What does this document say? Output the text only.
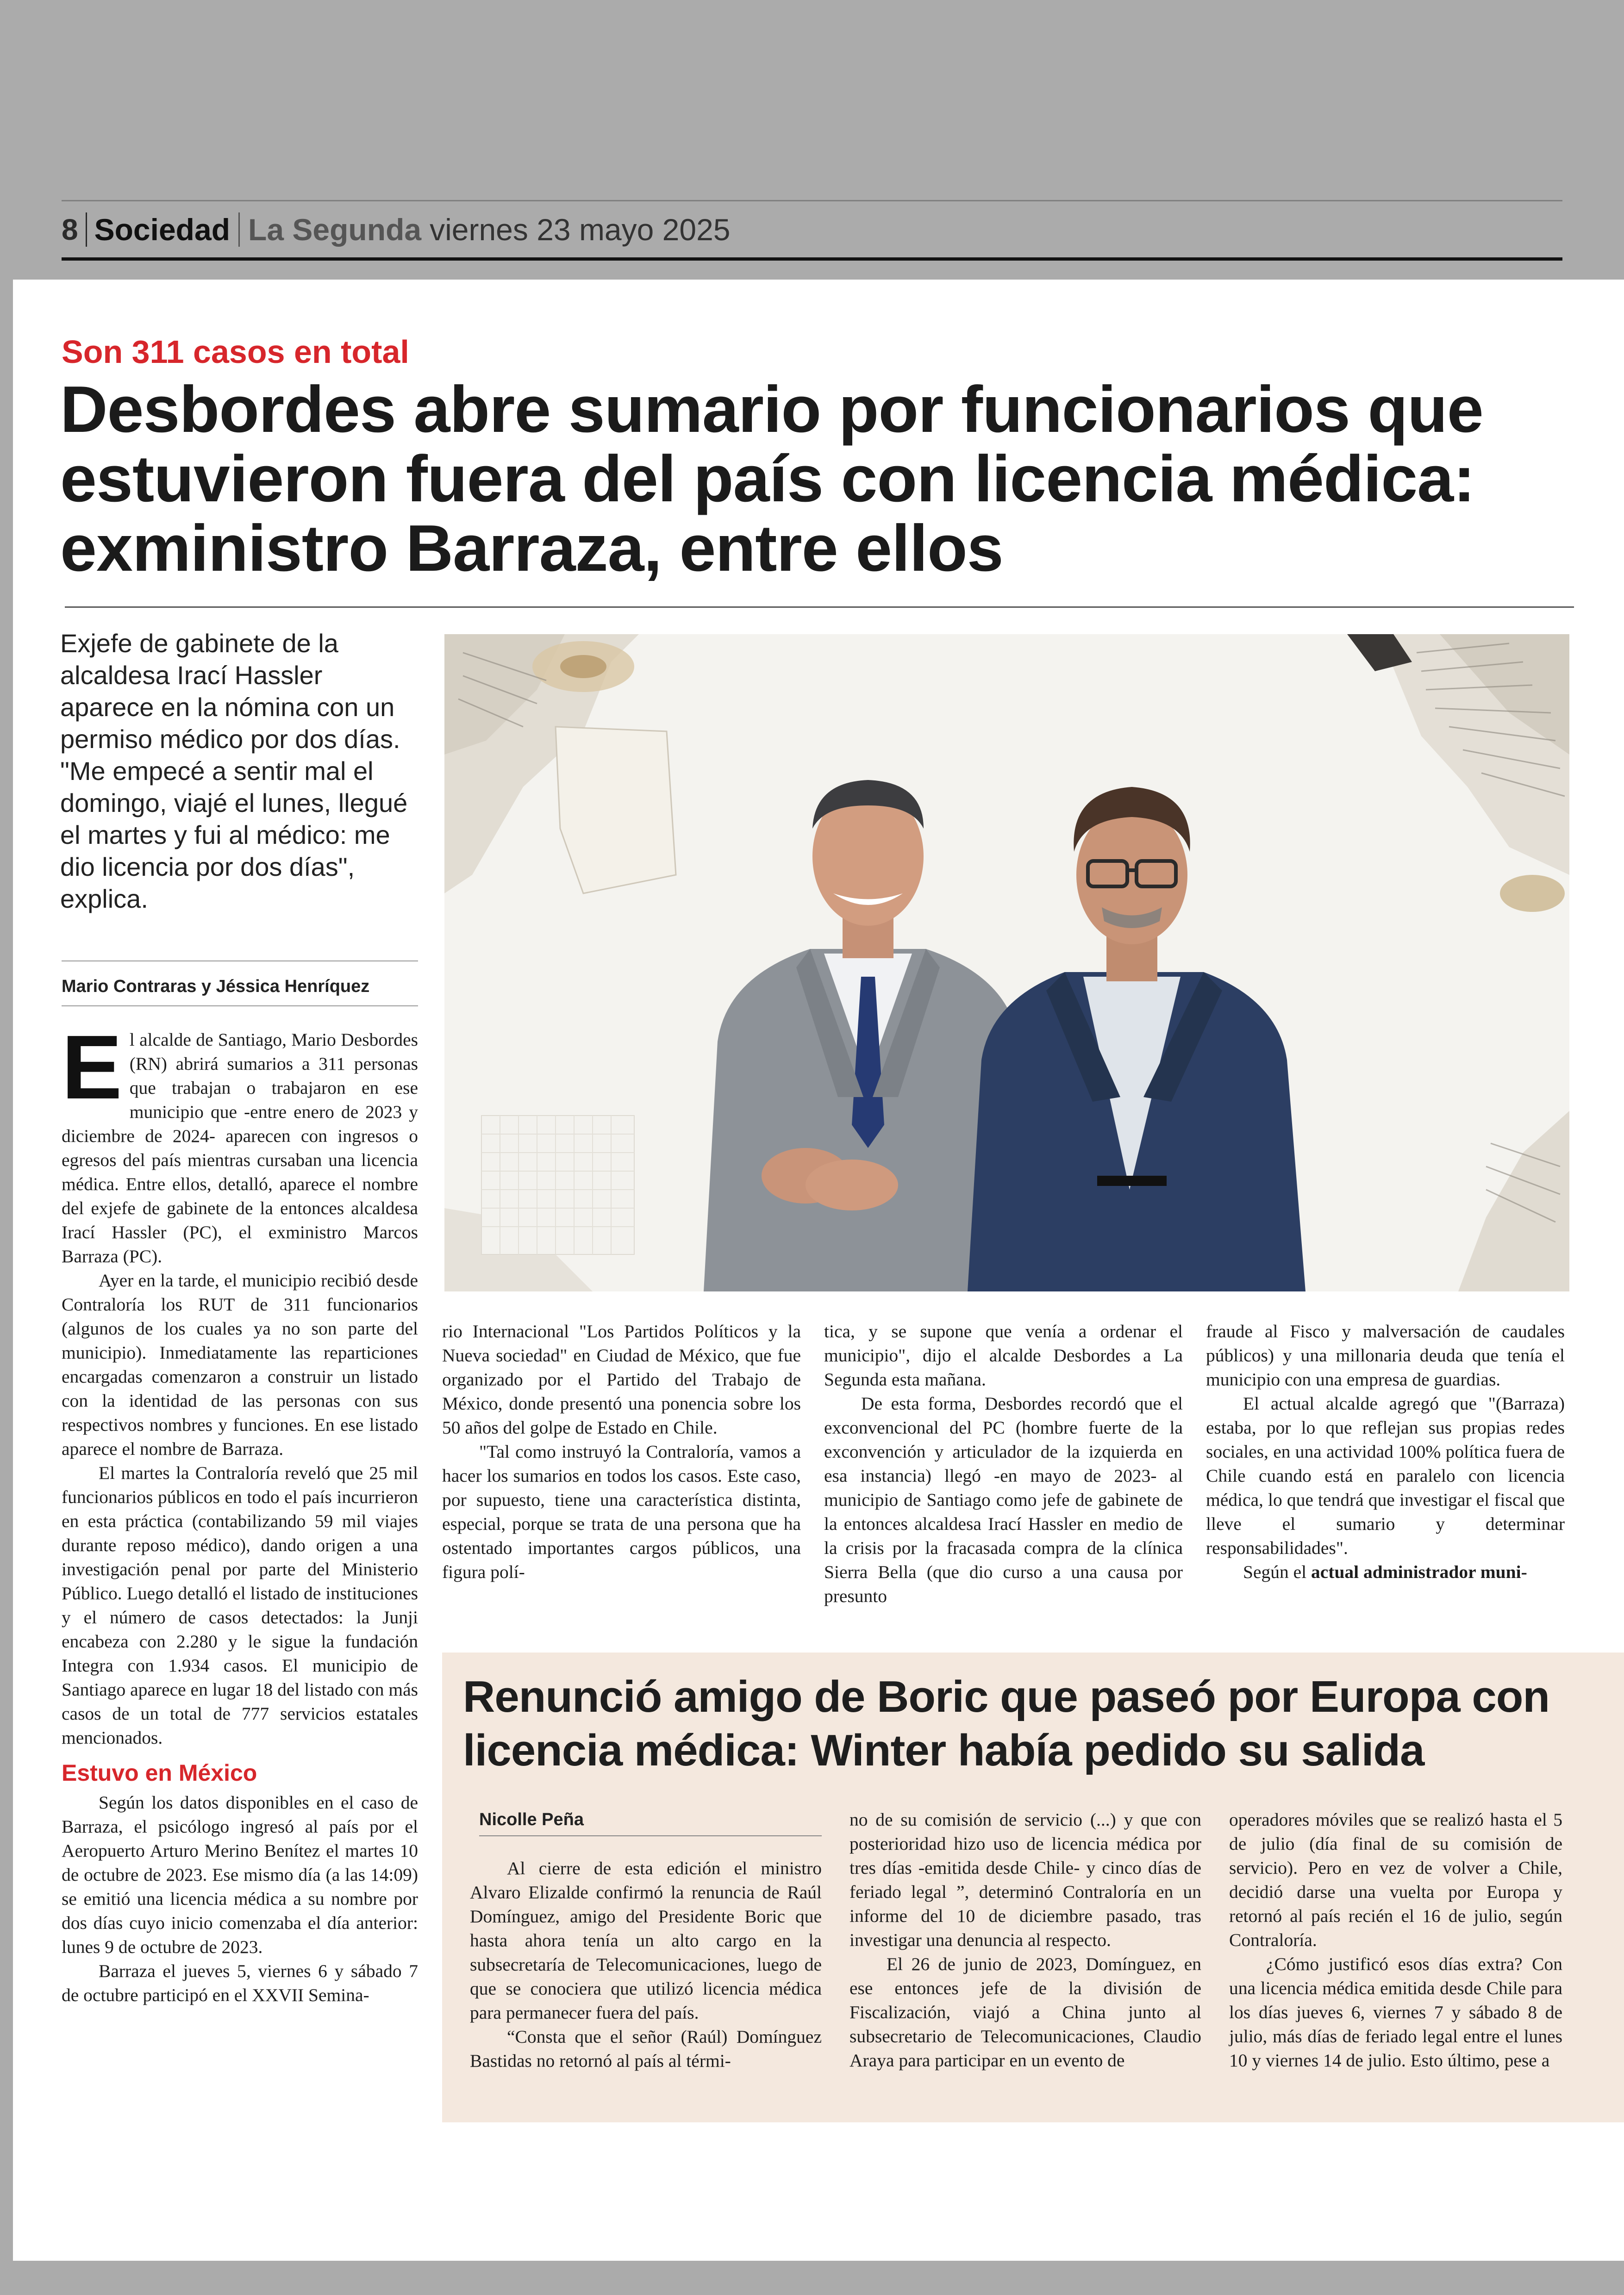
8 Sociedad La Segunda viernes 23 mayo 2025
Son 311 casos en total
Desbordes abre sumario por funcionarios que estuvieron fuera del país con licencia médica: exministro Barraza, entre ellos

Exjefe de gabinete de la alcaldesa Irací Hassler aparece en la nómina con un permiso médico por dos días. "Me empecé a sentir mal el domingo, viajé el lunes, llegué el martes y fui al médico: me dio licencia por dos días", explica.

Mario Contraras y Jéssica Henríquez

El alcalde de Santiago, Mario Desbordes (RN) abrirá sumarios a 311 personas que trabajan o trabajaron en ese municipio que -entre enero de 2023 y diciembre de 2024- aparecen con ingresos o egresos del país mientras cursaban una licencia médica. Entre ellos, detalló, aparece el nombre del exjefe de gabinete de la entonces alcaldesa Irací Hassler (PC), el exministro Marcos Barraza (PC).

Ayer en la tarde, el municipio recibió desde Contraloría los RUT de 311 funcionarios (algunos de los cuales ya no son parte del municipio). Inmediatamente las reparticiones encargadas comenzaron a construir un listado con la identidad de las personas con sus respectivos nombres y funciones. En ese listado aparece el nombre de Barraza.

El martes la Contraloría reveló que 25 mil funcionarios públicos en todo el país incurrieron en esta práctica (contabilizando 59 mil viajes durante reposo médico), dando origen a una investigación penal por parte del Ministerio Público. Luego detalló el listado de instituciones y el número de casos detectados: la Junji encabeza con 2.280 y le sigue la fundación Integra con 1.934 casos. El municipio de Santiago aparece en lugar 18 del listado con más casos de un total de 777 servicios estatales mencionados.

Estuvo en México

Según los datos disponibles en el caso de Barraza, el psicólogo ingresó al país por el Aeropuerto Arturo Merino Benítez el martes 10 de octubre de 2023. Ese mismo día (a las 14:09) se emitió una licencia médica a su nombre por dos días cuyo inicio comenzaba el día anterior: lunes 9 de octubre de 2023.

Barraza el jueves 5, viernes 6 y sábado 7 de octubre participó en el XXVII Semina-

rio Internacional "Los Partidos Políticos y la Nueva sociedad" en Ciudad de México, que fue organizado por el Partido del Trabajo de México, donde presentó una ponencia sobre los 50 años del golpe de Estado en Chile.

"Tal como instruyó la Contraloría, vamos a hacer los sumarios en todos los casos. Este caso, por supuesto, tiene una característica distinta, especial, porque se trata de una persona que ha ostentado importantes cargos públicos, una figura polí-

tica, y se supone que venía a ordenar el municipio", dijo el alcalde Desbordes a La Segunda esta mañana.

De esta forma, Desbordes recordó que el exconvencional del PC (hombre fuerte de la exconvención y articulador de la izquierda en esa instancia) llegó -en mayo de 2023- al municipio de Santiago como jefe de gabinete de la entonces alcaldesa Irací Hassler en medio de la crisis por la fracasada compra de la clínica Sierra Bella (que dio curso a una causa por presunto

fraude al Fisco y malversación de caudales públicos) y una millonaria deuda que tenía el municipio con una empresa de guardias.

El actual alcalde agregó que "(Barraza) estaba, por lo que reflejan sus propias redes sociales, en una actividad 100% política fuera de Chile cuando está en paralelo con licencia médica, lo que tendrá que investigar el fiscal que lleve el sumario y determinar responsabilidades".

Según el actual administrador muni-

Renunció amigo de Boric que paseó por Europa con licencia médica: Winter había pedido su salida
Nicolle Peña

Al cierre de esta edición el ministro Alvaro Elizalde confirmó la renuncia de Raúl Domínguez, amigo del Presidente Boric que hasta ahora tenía un alto cargo en la subsecretaría de Telecomunicaciones, luego de que se conociera que utilizó licencia médica para permanecer fuera del país.

“Consta que el señor (Raúl) Domínguez Bastidas no retornó al país al térmi-

no de su comisión de servicio (...) y que con posterioridad hizo uso de licencia médica por tres días -emitida desde Chile- y cinco días de feriado legal ”, determinó Contraloría en un informe del 10 de diciembre pasado, tras investigar una denuncia al respecto.

El 26 de junio de 2023, Domínguez, en ese entonces jefe de la división de Fiscalización, viajó a China junto al subsecretario de Telecomunicaciones, Claudio Araya para participar en un evento de

operadores móviles que se realizó hasta el 5 de julio (día final de su comisión de servicio). Pero en vez de volver a Chile, decidió darse una vuelta por Europa y retornó al país recién el 16 de julio, según Contraloría.

¿Cómo justificó esos días extra? Con una licencia médica emitida desde Chile para los días jueves 6, viernes 7 y sábado 8 de julio, más días de feriado legal entre el lunes 10 y viernes 14 de julio. Esto último, pese a
